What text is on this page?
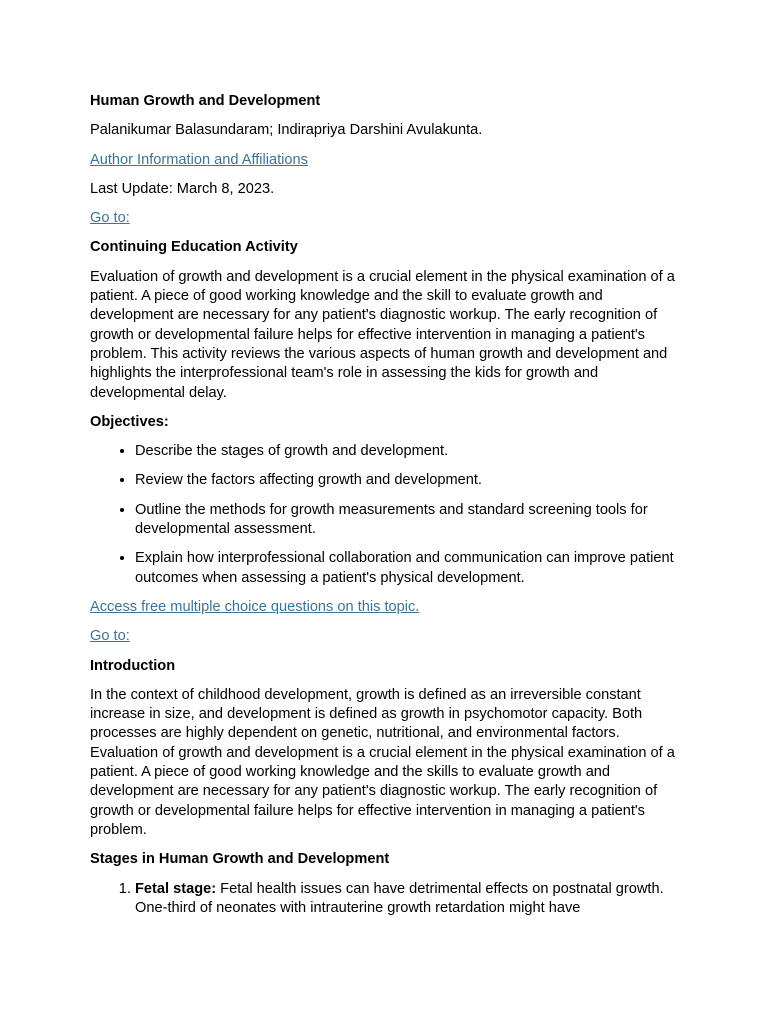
Human Growth and Development

Palanikumar Balasundaram; Indirapriya Darshini Avulakunta.

Author Information and Affiliations

Last Update: March 8, 2023.

Go to:

Continuing Education Activity

Evaluation of growth and development is a crucial element in the physical examination of a patient. A piece of good working knowledge and the skill to evaluate growth and development are necessary for any patient's diagnostic workup. The early recognition of growth or developmental failure helps for effective intervention in managing a patient's problem. This activity reviews the various aspects of human growth and development and highlights the interprofessional team's role in assessing the kids for growth and developmental delay.

Objectives:
• Describe the stages of growth and development.
• Review the factors affecting growth and development.
• Outline the methods for growth measurements and standard screening tools for developmental assessment.
• Explain how interprofessional collaboration and communication can improve patient outcomes when assessing a patient's physical development.

Access free multiple choice questions on this topic.

Go to:

Introduction

In the context of childhood development, growth is defined as an irreversible constant increase in size, and development is defined as growth in psychomotor capacity. Both processes are highly dependent on genetic, nutritional, and environmental factors. Evaluation of growth and development is a crucial element in the physical examination of a patient. A piece of good working knowledge and the skills to evaluate growth and development are necessary for any patient's diagnostic workup. The early recognition of growth or developmental failure helps for effective intervention in managing a patient's problem.

Stages in Human Growth and Development
1. Fetal stage: Fetal health issues can have detrimental effects on postnatal growth. One-third of neonates with intrauterine growth retardation might have
